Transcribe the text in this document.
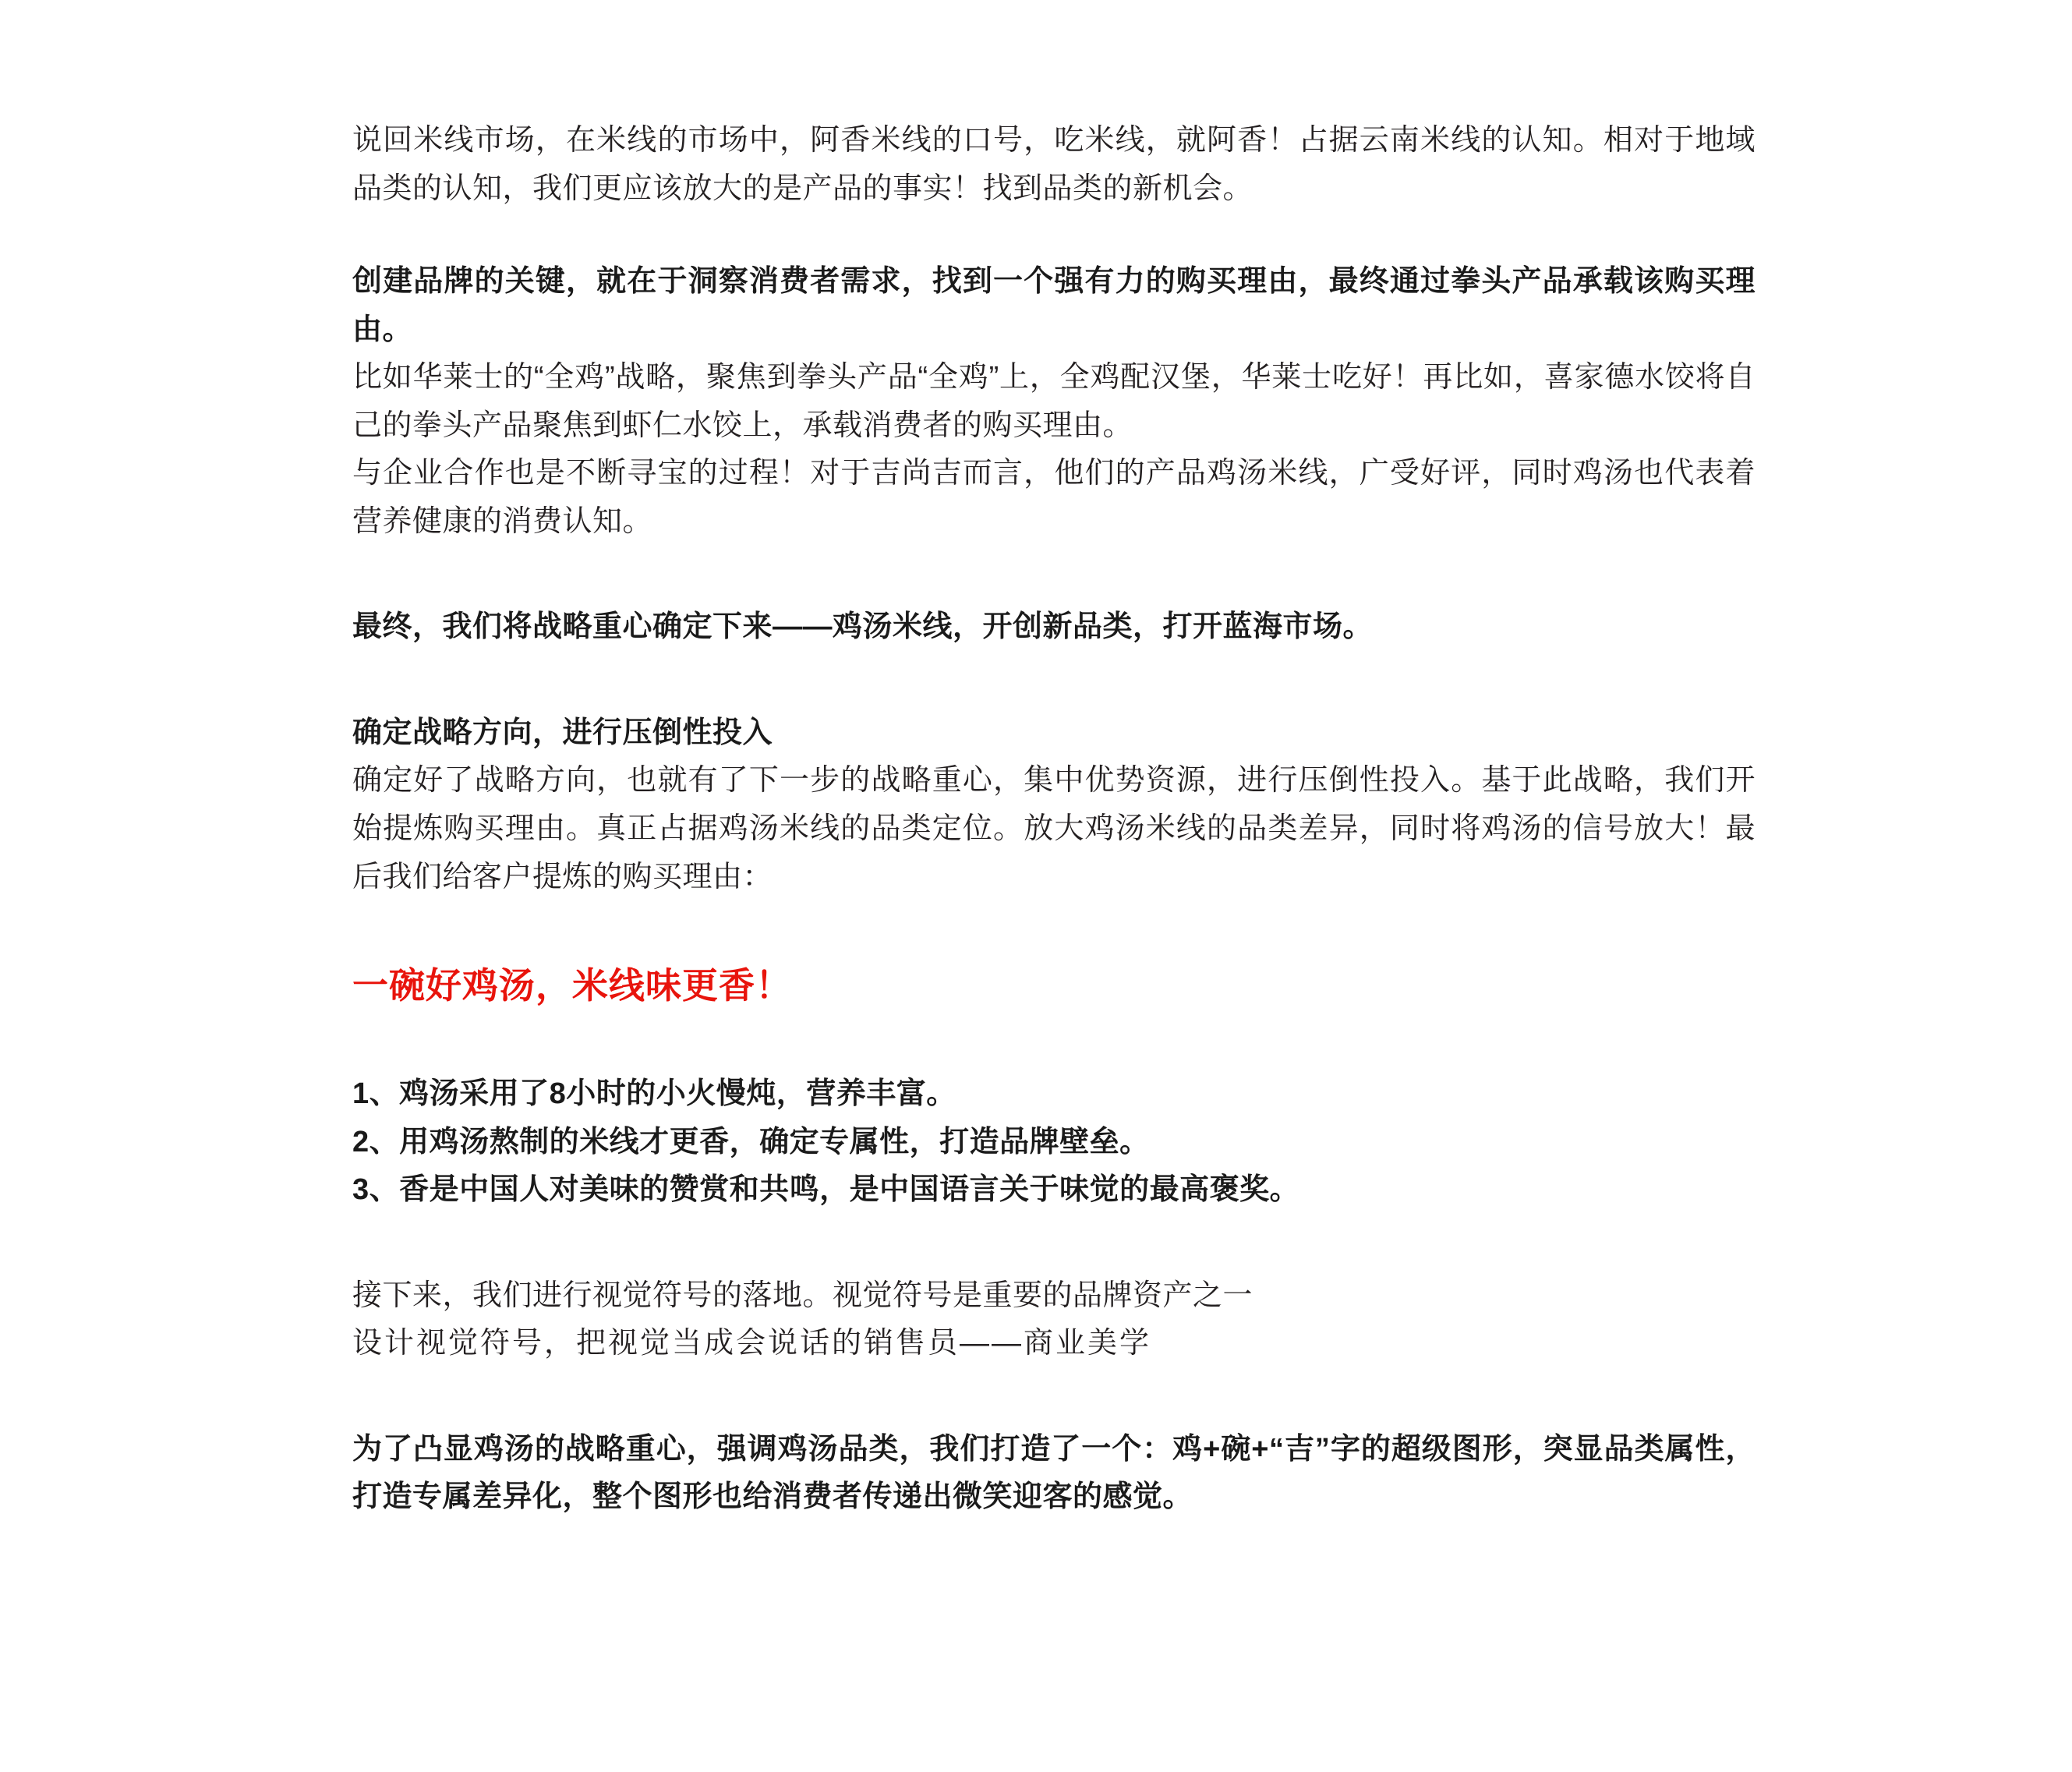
说回米线市场，在米线的市场中，阿香米线的口号，吃米线，就阿香！占据云南米线的认知。相对于地域品类的认知，我们更应该放大的是产品的事实！找到品类的新机会。

创建品牌的关键，就在于洞察消费者需求，找到一个强有力的购买理由，最终通过拳头产品承载该购买理由。

比如华莱士的“全鸡”战略，聚焦到拳头产品“全鸡”上，全鸡配汉堡，华莱士吃好！再比如，喜家德水饺将自己的拳头产品聚焦到虾仁水饺上，承载消费者的购买理由。

与企业合作也是不断寻宝的过程！对于吉尚吉而言，他们的产品鸡汤米线，广受好评，同时鸡汤也代表着营养健康的消费认知。

最终，我们将战略重心确定下来——鸡汤米线，开创新品类，打开蓝海市场。

确定战略方向，进行压倒性投入

确定好了战略方向，也就有了下一步的战略重心，集中优势资源，进行压倒性投入。基于此战略，我们开始提炼购买理由。真正占据鸡汤米线的品类定位。放大鸡汤米线的品类差异，同时将鸡汤的信号放大！最后我们给客户提炼的购买理由：

一碗好鸡汤，米线味更香！

1、鸡汤采用了8小时的小火慢炖，营养丰富。

2、用鸡汤熬制的米线才更香，确定专属性，打造品牌壁垒。

3、香是中国人对美味的赞赏和共鸣，是中国语言关于味觉的最高褒奖。

接下来，我们进行视觉符号的落地。视觉符号是重要的品牌资产之一

设计视觉符号，把视觉当成会说话的销售员——商业美学

为了凸显鸡汤的战略重心，强调鸡汤品类，我们打造了一个：鸡+碗+“吉”字的超级图形，突显品类属性，打造专属差异化，整个图形也给消费者传递出微笑迎客的感觉。
